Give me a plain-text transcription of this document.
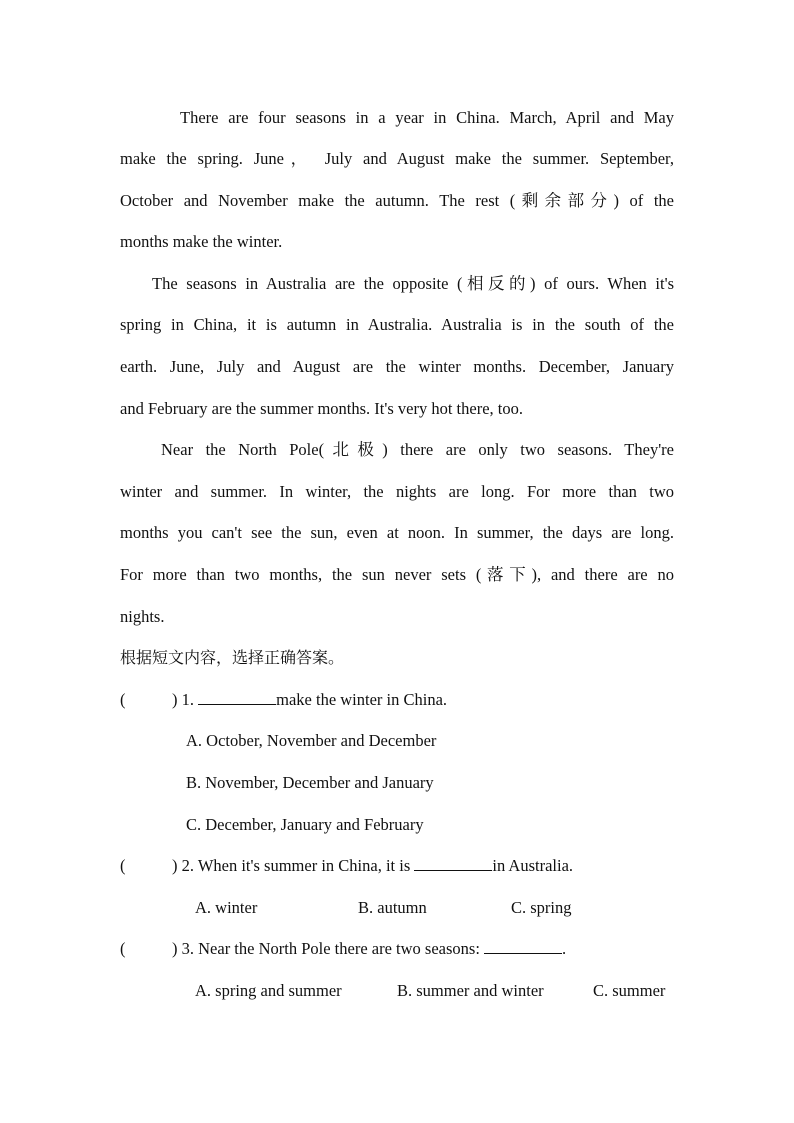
There are four seasons in a year in China. March, April and May
make the spring. June， July and August make the summer. September,
October and November make the autumn. The rest (剩余部分) of the
months make the winter.
The seasons in Australia are the opposite (相反的) of ours. When it's
spring in China, it is autumn in Australia. Australia is in the south of the
earth. June, July and August are the winter months. December, January
and February are the summer months. It's very hot there, too.
Near the North Pole(北极) there are only two seasons. They're
winter and summer. In winter, the nights are long. For more than two
months you can't see the sun, even at noon. In summer, the days are long.
For more than two months, the sun never sets (落下), and there are no
nights.
根据短文内容，选择正确答案。
(	) 1.	make the winter in China.
A. October, November and December
B. November, December and January
C. December, January and February
(	) 2. When it's summer in China, it is	in Australia.
A. winter	B. autumn	C. spring
(	) 3. Near the North Pole there are two seasons:	.
A. spring and summer	B. summer and winter	C. summer
